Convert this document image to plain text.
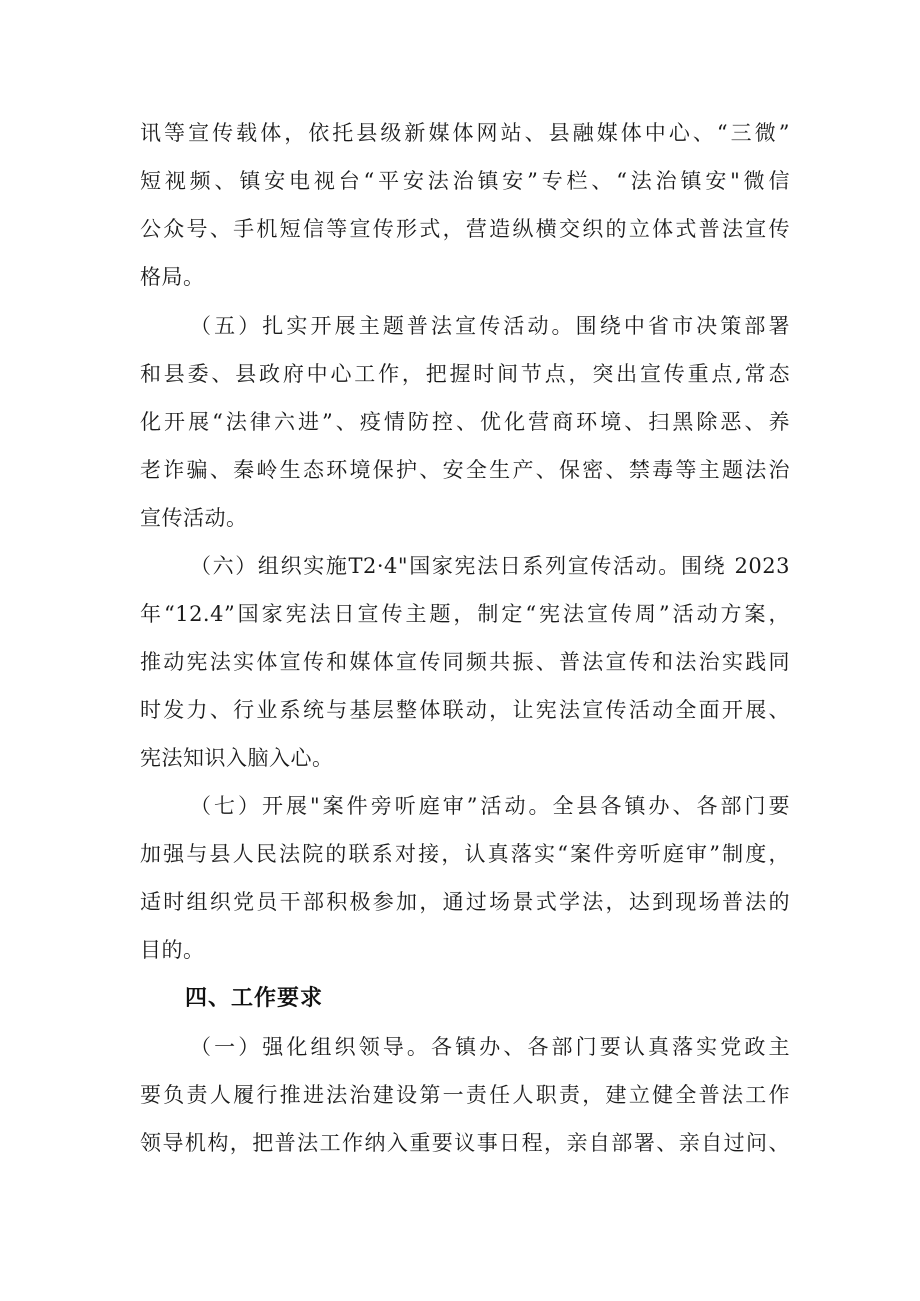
讯等宣传载体，依托县级新媒体网站、县融媒体中心、“三微”
短视频、镇安电视台“平安法治镇安”专栏、“法治镇安"微信
公众号、手机短信等宣传形式，营造纵横交织的立体式普法宣传
格局。
（五）扎实开展主题普法宣传活动。围绕中省市决策部署
和县委、县政府中心工作，把握时间节点，突出宣传重点,常态
化开展“法律六进”、疫情防控、优化营商环境、扫黑除恶、养
老诈骗、秦岭生态环境保护、安全生产、保密、禁毒等主题法治
宣传活动。
（六）组织实施T2·4"国家宪法日系列宣传活动。围绕 2023
年“12.4”国家宪法日宣传主题，制定“宪法宣传周”活动方案，
推动宪法实体宣传和媒体宣传同频共振、普法宣传和法治实践同
时发力、行业系统与基层整体联动，让宪法宣传活动全面开展、
宪法知识入脑入心。
（七）开展"案件旁听庭审”活动。全县各镇办、各部门要
加强与县人民法院的联系对接，认真落实“案件旁听庭审”制度，
适时组织党员干部积极参加，通过场景式学法，达到现场普法的
目的。
四、工作要求
（一）强化组织领导。各镇办、各部门要认真落实党政主
要负责人履行推进法治建设第一责任人职责，建立健全普法工作
领导机构，把普法工作纳入重要议事日程，亲自部署、亲自过问、
